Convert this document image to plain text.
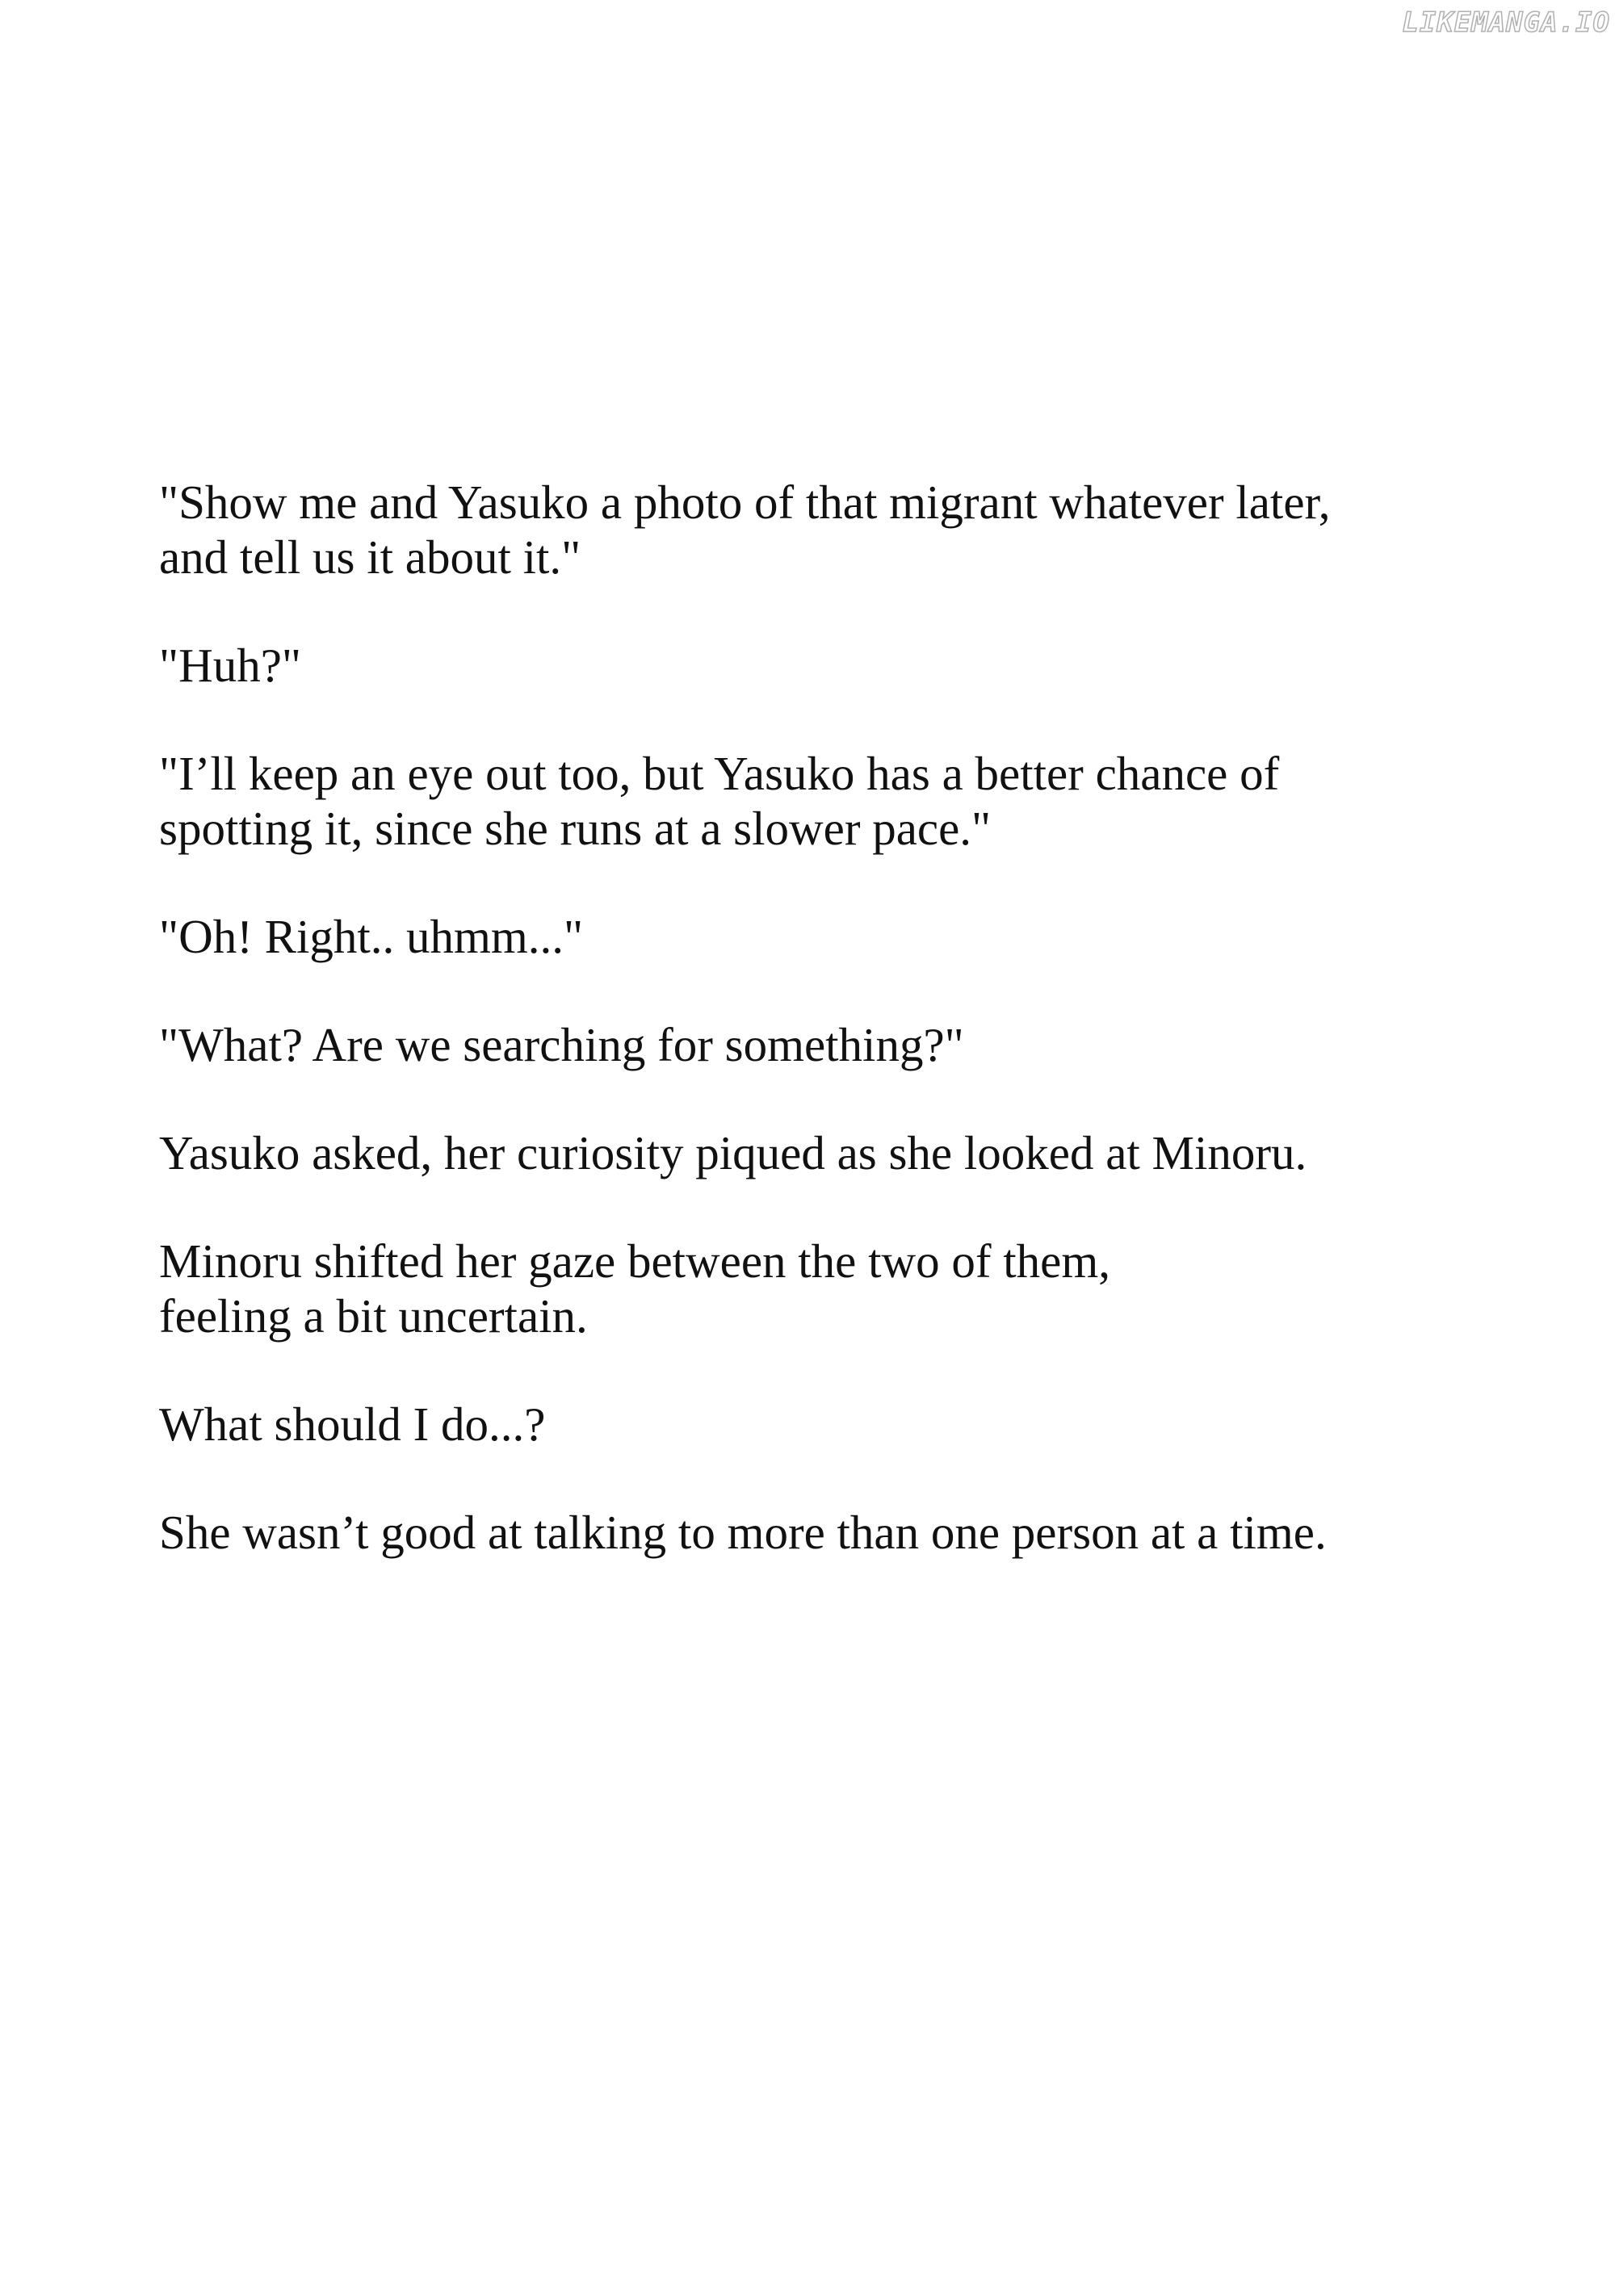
LIKEMANGA.IO

"Show me and Yasuko a photo of that migrant whatever later,
and tell us it about it."

"Huh?"

"I’ll keep an eye out too, but Yasuko has a better chance of
spotting it, since she runs at a slower pace."

"Oh! Right.. uhmm..."

"What? Are we searching for something?"

Yasuko asked, her curiosity piqued as she looked at Minoru.

Minoru shifted her gaze between the two of them,
feeling a bit uncertain.

What should I do...?

She wasn’t good at talking to more than one person at a time.
